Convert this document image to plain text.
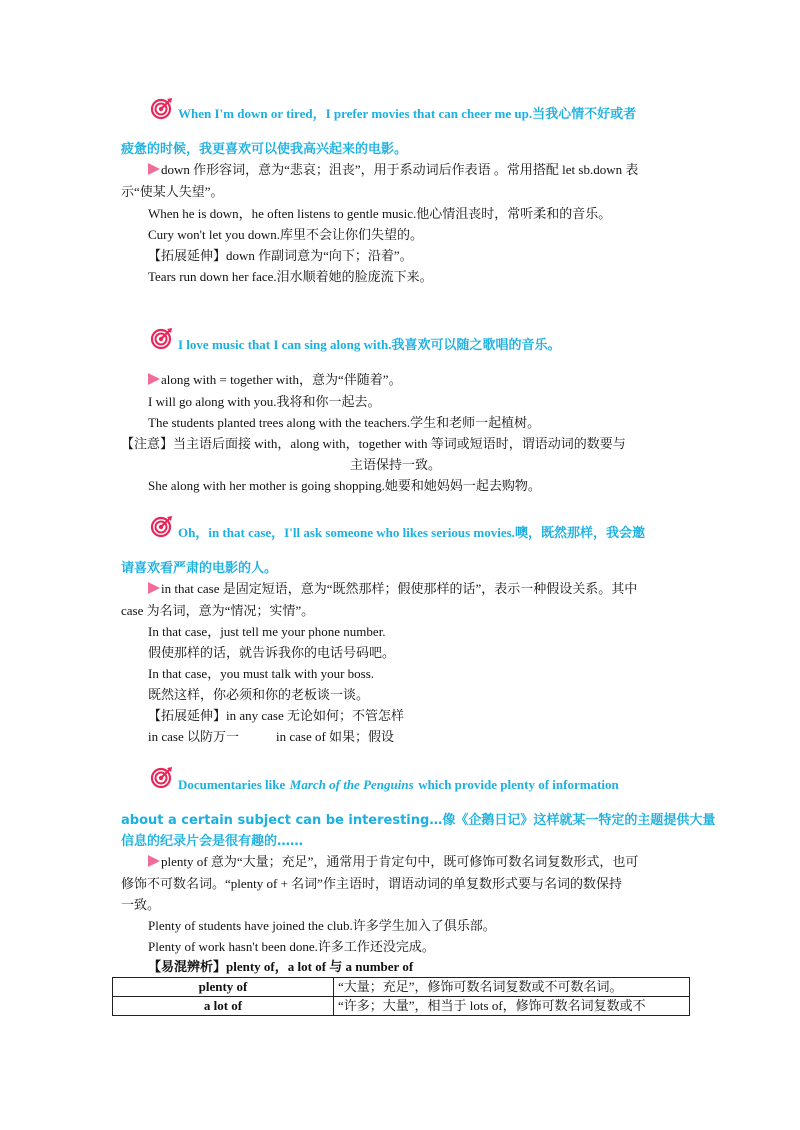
When I'm down or tired，I prefer movies that can cheer me up.当我心情不好或者
疲惫的时候，我更喜欢可以使我高兴起来的电影。
down 作形容词，意为“悲哀；沮丧”，用于系动词后作表语 。常用搭配 let sb.down 表
示“使某人失望”。
When he is down，he often listens to gentle music.他心情沮丧时，常听柔和的音乐。
Cury won't let you down.库里不会让你们失望的。
【拓展延伸】down 作副词意为“向下；沿着”。
Tears run down her face.泪水顺着她的脸庞流下来。
I love music that I can sing along with.我喜欢可以随之歌唱的音乐。
along with = together with，意为“伴随着”。
I will go along with you.我将和你一起去。
The students planted trees along with the teachers.学生和老师一起植树。
【注意】当主语后面接 with，along with，together with 等词或短语时，谓语动词的数要与
主语保持一致。
She along with her mother is going shopping.她要和她妈妈一起去购物。
Oh，in that case，I'll ask someone who likes serious movies.噢，既然那样，我会邀
请喜欢看严肃的电影的人。
in that case 是固定短语，意为“既然那样；假使那样的话”，表示一种假设关系。其中
case 为名词，意为“情况；实情”。
In that case，just tell me your phone number.
假使那样的话，就告诉我你的电话号码吧。
In that case，you must talk with your boss.
既然这样，你必须和你的老板谈一谈。
【拓展延伸】in any case 无论如何；不管怎样
in case 以防万一	in case of 如果；假设
Documentaries like March of the Penguins which provide plenty of information
about a certain subject can be interesting…像《企鹅日记》这样就某一特定的主题提供大量
信息的纪录片会是很有趣的……
plenty of 意为“大量；充足”，通常用于肯定句中，既可修饰可数名词复数形式，也可
修饰不可数名词。“plenty of + 名词”作主语时，谓语动词的单复数形式要与名词的数保持
一致。
Plenty of students have joined the club.许多学生加入了俱乐部。
Plenty of work hasn't been done.许多工作还没完成。
【易混辨析】plenty of，a lot of 与 a number of
plenty of	“大量；充足”，修饰可数名词复数或不可数名词。
a lot of	“许多；大量”，相当于 lots of，修饰可数名词复数或不
